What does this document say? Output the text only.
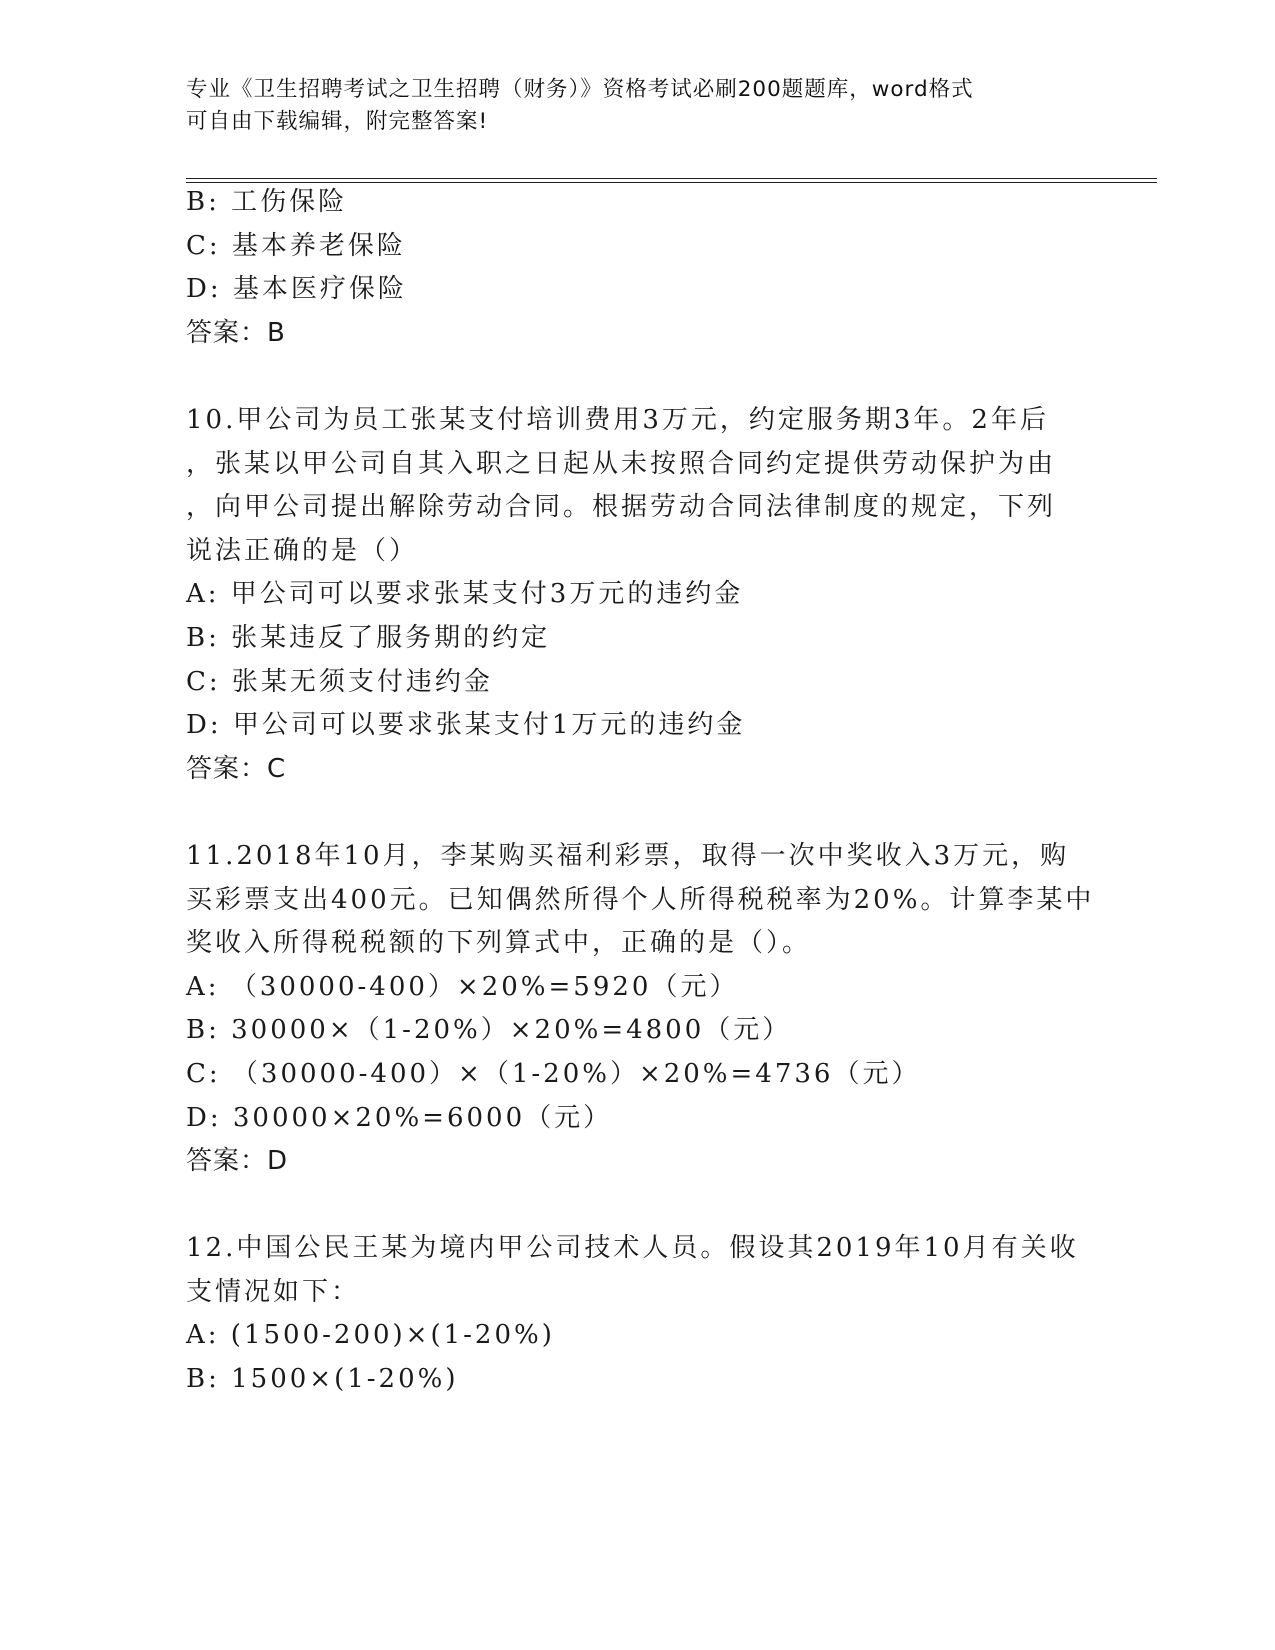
专业《卫生招聘考试之卫生招聘（财务）》资格考试必刷200题题库，word格式
可自由下载编辑，附完整答案!
B: 工伤保险
C: 基本养老保险
D: 基本医疗保险
答案：B
10.甲公司为员工张某支付培训费用3万元，约定服务期3年。2年后
，张某以甲公司自其入职之日起从未按照合同约定提供劳动保护为由
，向甲公司提出解除劳动合同。根据劳动合同法律制度的规定，下列
说法正确的是（）
A: 甲公司可以要求张某支付3万元的违约金
B: 张某违反了服务期的约定
C: 张某无须支付违约金
D: 甲公司可以要求张某支付1万元的违约金
答案：C
11.2018年10月，李某购买福利彩票，取得一次中奖收入3万元，购
买彩票支出400元。已知偶然所得个人所得税税率为20%。计算李某中
奖收入所得税税额的下列算式中，正确的是（）。
A: （30000-400）×20%=5920（元）
B: 30000×（1-20%）×20%=4800（元）
C: （30000-400）×（1-20%）×20%=4736（元）
D: 30000×20%=6000（元）
答案：D
12.中国公民王某为境内甲公司技术人员。假设其2019年10月有关收
支情况如下：
A: (1500-200)×(1-20%)
B: 1500×(1-20%)
